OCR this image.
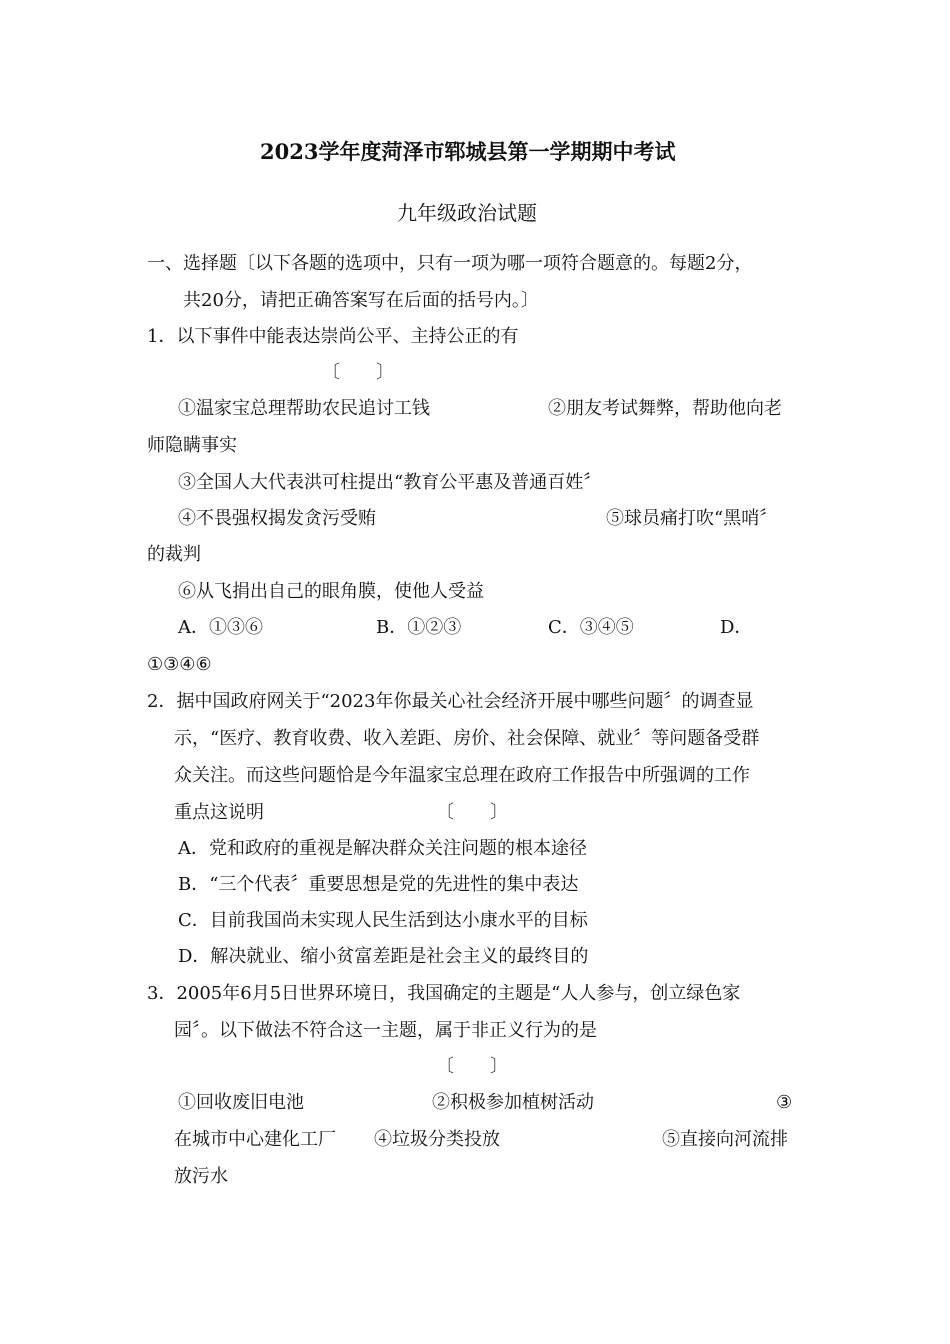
2023学年度菏泽市郓城县第一学期期中考试
九年级政治试题
一、选择题〔以下各题的选项中，只有一项为哪一项符合题意的。每题2分，
共20分，请把正确答案写在后面的括号内。〕
1．以下事件中能表达崇尚公平、主持公正的有
〔　　〕
①温家宝总理帮助农民追讨工钱	②朋友考试舞弊，帮助他向老
师隐瞒事实
③全国人大代表洪可柱提出“教育公平惠及普通百姓〞
④不畏强权揭发贪污受贿	⑤球员痛打吹“黑哨〞
的裁判
⑥从飞捐出自己的眼角膜，使他人受益
A．①③⑥	B．①②③	C．③④⑤	D．
①③④⑥
2．据中国政府网关于“2023年你最关心社会经济开展中哪些问题〞的调查显
示，“医疗、教育收费、收入差距、房价、社会保障、就业〞等问题备受群
众关注。而这些问题恰是今年温家宝总理在政府工作报告中所强调的工作
重点这说明	〔　　〕
A．党和政府的重视是解决群众关注问题的根本途径
B．“三个代表〞重要思想是党的先进性的集中表达
C．目前我国尚未实现人民生活到达小康水平的目标
D．解决就业、缩小贫富差距是社会主义的最终目的
3．2005年6月5日世界环境日，我国确定的主题是“人人参与，创立绿色家
园〞。以下做法不符合这一主题，属于非正义行为的是
〔　　〕
①回收废旧电池	②积极参加植树活动	③
在城市中心建化工厂 ④垃圾分类投放	⑤直接向河流排
放污水
